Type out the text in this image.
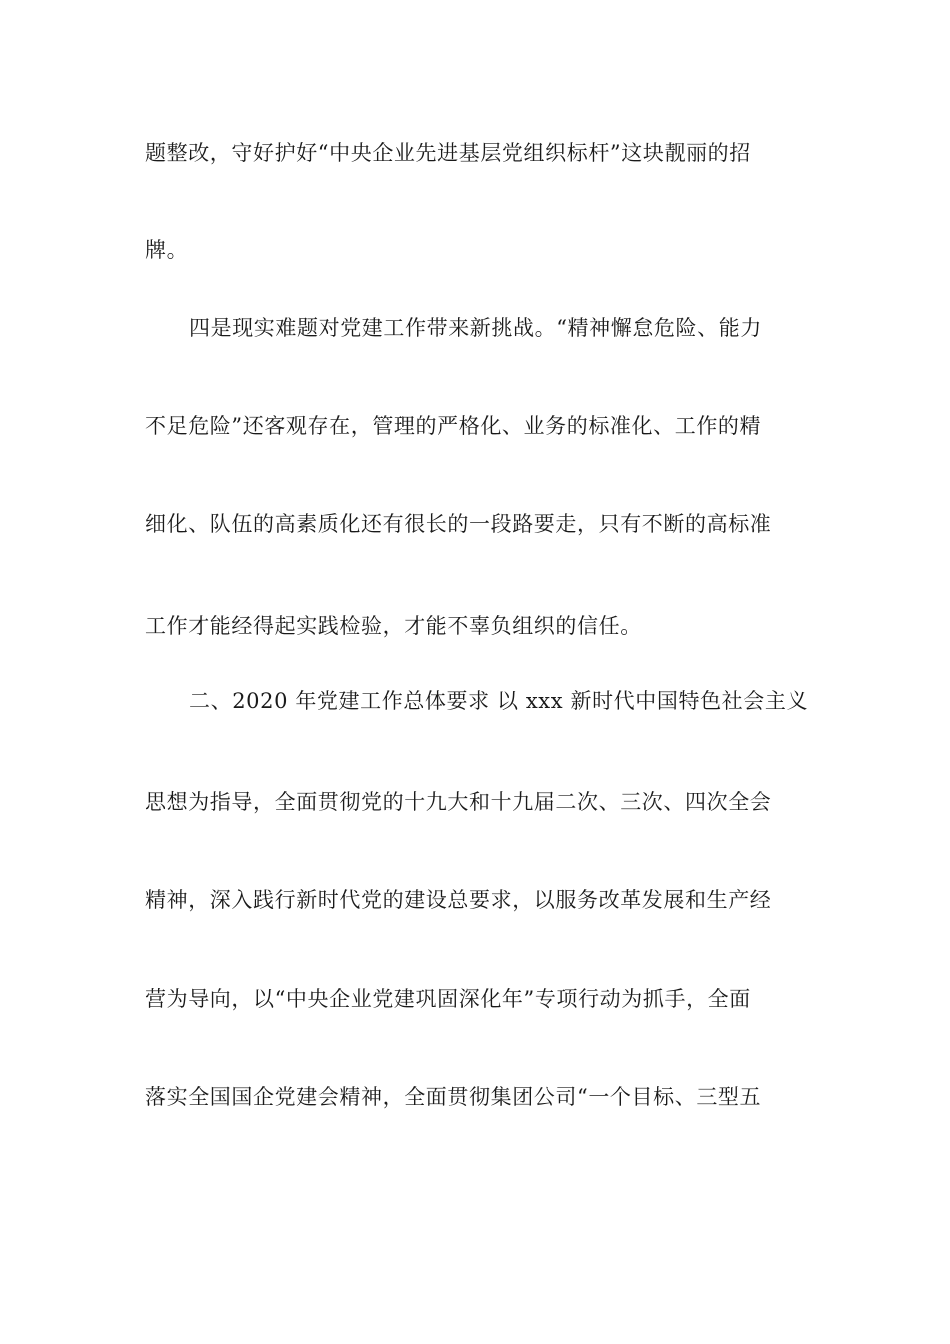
题整改，守好护好“中央企业先进基层党组织标杆”这块靓丽的招
牌。
四是现实难题对党建工作带来新挑战。“精神懈怠危险、能力
不足危险”还客观存在，管理的严格化、业务的标准化、工作的精
细化、队伍的高素质化还有很长的一段路要走，只有不断的高标准
工作才能经得起实践检验，才能不辜负组织的信任。
二、2020 年党建工作总体要求 以 xxx 新时代中国特色社会主义
思想为指导，全面贯彻党的十九大和十九届二次、三次、四次全会
精神，深入践行新时代党的建设总要求，以服务改革发展和生产经
营为导向，以“中央企业党建巩固深化年”专项行动为抓手，全面
落实全国国企党建会精神，全面贯彻集团公司“一个目标、三型五
